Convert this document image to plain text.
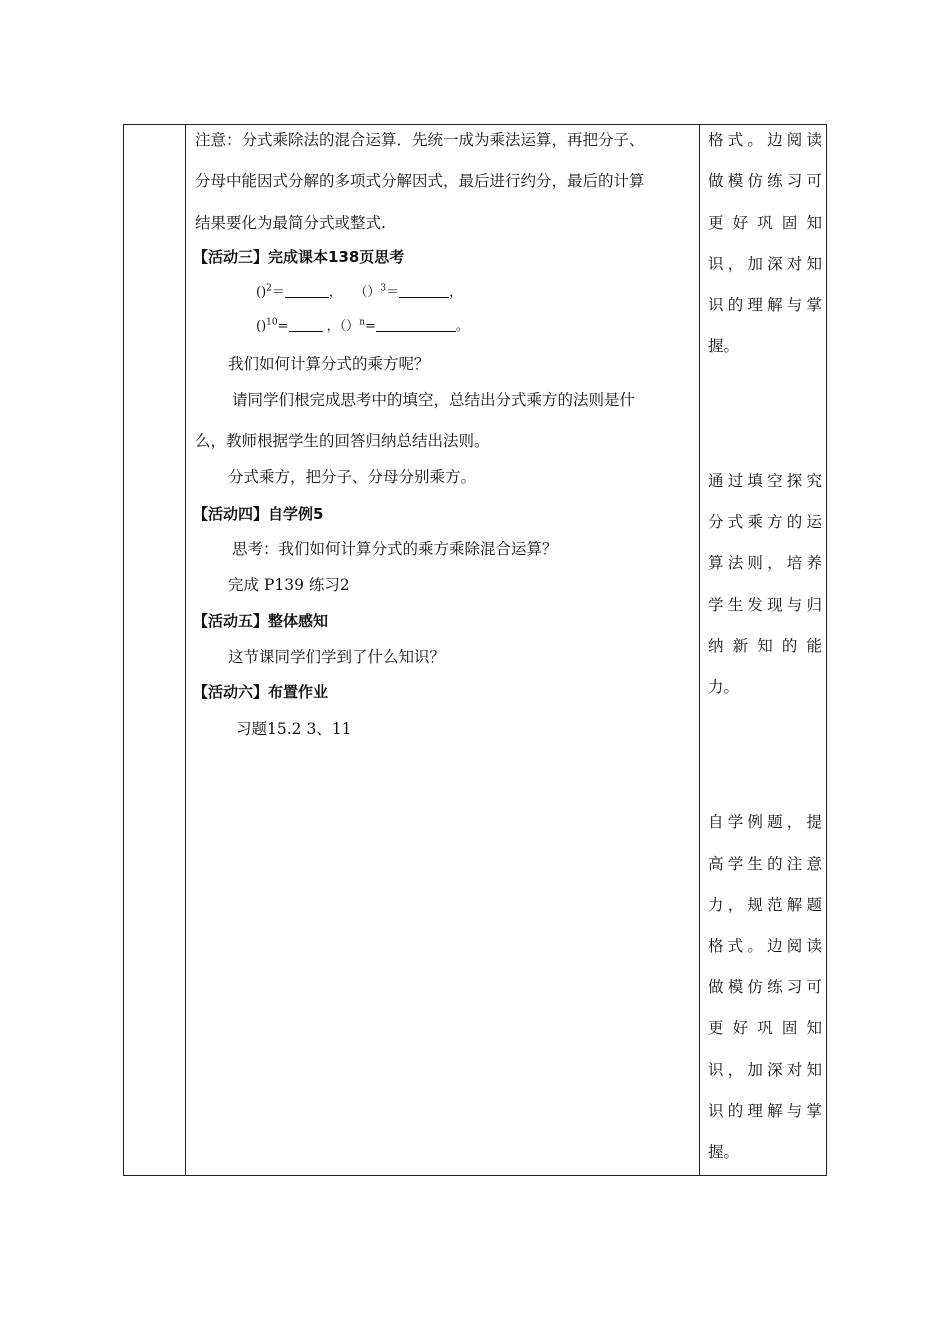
注意：分式乘除法的混合运算．先统一成为乘法运算，再把分子、
分母中能因式分解的多项式分解因式，最后进行约分，最后的计算
结果要化为最简分式或整式.
【活动三】完成课本138页思考
()$^2$＝	， （）$^3$＝	，
()$^{10}$=	，（）$^n$=	。
我们如何计算分式的乘方呢？
请同学们根完成思考中的填空，总结出分式乘方的法则是什
么，教师根据学生的回答归纳总结出法则。
分式乘方，把分子、分母分别乘方。
【活动四】自学例5
思考：我们如何计算分式的乘方乘除混合运算？
完成 P139 练习2
【活动五】整体感知
这节课同学们学到了什么知识？
【活动六】布置作业
习题15.2 3、11
格式。边阅读
做模仿练习可
更好巩固知
识，加深对知
识的理解与掌
握。
通过填空探究
分式乘方的运
算法则，培养
学生发现与归
纳新知的能
力。
自学例题，提
高学生的注意
力，规范解题
格式。边阅读
做模仿练习可
更好巩固知
识，加深对知
识的理解与掌
握。
